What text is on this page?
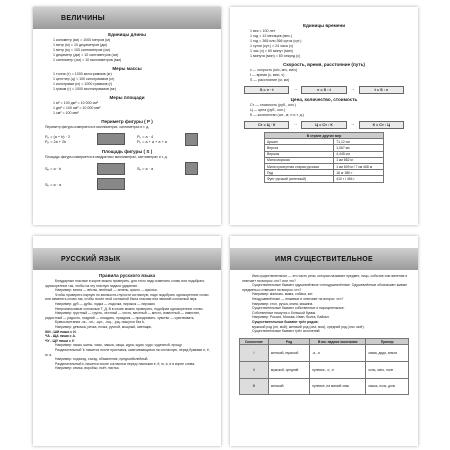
ВЕЛИЧИНЫ
Единицы длины
1 километр (км) = 1000 метров (м)
1 метр (м) = 10 дециметров (дм)
1 метр (м) = 100 сантиметров (см)
1 дециметр (дм) = 10 сантиметров (см)
1 сантиметр (см) = 10 миллиметров (мм)
Меры массы
1 тонна (т) = 1000 килограммов (кг)
1 центнер (ц) = 100 килограммов (кг)
1 килограмм (кг) = 1000 граммов (г)
1 грамм (г) = 1000 миллиграммов (мг)
Меры площади
1 м² = 100 дм² = 10 000 см²
1 дм² = 100 см² = 10 000 мм²
1 см² = 100 мм²
Периметр фигуры ( P )
Периметр фигуры измеряется в миллиметрах, сантиметрах и т. д.
Pₚ = (a + b) · 2
Pₚ = 2a + 2b
Pₖ = a · 4
Pₖ = a + a + a + a
Площадь фигуры ( S )
Площадь фигуры измеряется в квадратных миллиметрах, сантиметрах и т. д.
Sₚ = a · b	Sₖ = a · a
Sₖ = a · a
Единицы времени
1 век = 100 лет
1 год = 12 месяцев (мес.)
1 год = 365 или 366 суток (сут.)
1 сутки (сут.) = 24 часа (ч)
1 час (ч) = 60 минут (мин)
1 минута (мин) = 60 секунд (с)
Скорость, время, расстояние (путь)
v — скорость (м/с, м/ч, км/ч)
t — время (с, мин, ч)
S — расстояние (м, км)
S = v · t	→	v = S : t	→	t = S : v
Цена, количество, стоимость
Ст — стоимость (руб., коп.)
Ц — цена (руб., коп.)
К — количество (шт., кг, л и т. д.)
Ст = Ц · К	→	Ц = Ст : К	→	К = Ст : Ц
В стране других мер	
Аршин	71,12 см
Верста	1,067 км
Вершок	4,445 см
Миля морская	1 км 852 м
Миля сухопутная старая русская	1 км 609 м / 7 км 468 м
Пуд	16 кг 380 г
Фунт русский (аптечный)	410 г / 454 г
РУССКИЙ ЯЗЫК
Правила русского языка
Безударные гласные в корне можно проверить, для этого надо изменить слово или подобрать однокоренное так, чтобы на эту гласную падало ударение.
Например: весна — вёсны, зелёный — зелень, крыло — кры́лья.
Чтобы проверить парную по звонкости-глухости согласную, надо подобрать однокоренное слово или изменить слово так, чтобы после этой согласной была гласная или звонкий согласный звук.
Например: дуб — дубы, лодка — лодочка, пирожок — пирожки.
Непроизносимые согласные Т, Д, В в слове можно проверить, подобрав однокоренное слово.
Например: грустный — грусть, честный — честь, местный — место, известный — известие, радостный — радость, поздний — опоздать, праздник — праздновать, чувство — чувствовать.
Буквосочетания -чк-, -чн-, -щн-, -нщ-, -рщ- пишутся без Ь.
Например: девочка, речка, ночка, ручной, мощный, сменщик.
ЖИ - ШИ пиши с И.
ЧА - ЩА пиши с А.
ЧУ - ЩУ пиши с У.
Например: лыжи, шины, часы, чашка, чаща, щука, щуки, чудо, чудесный, прощу.
Разделительный Ъ пишется после приставок, оканчивающихся на согласную, перед буквами е, ё, ю, я.
Например: подъезд, съезд, объявление, предъюбилейный.
Разделительный Ь пишется после согласных перед гласными е, ё, ю, я, и в корне слова.
Например: семья, воробьи, пьёт, листья.
ИМЯ СУЩЕСТВИТЕЛЬНОЕ
Имя существительное — это часть речи, которая называет предмет, лицо, событие или явление и отвечает на вопрос: кто? или что?
Существительные бывают одушевлённые и неодушевлённые. Одушевлённые обозначают живые предметы и отвечают на вопрос: кто?
Например: мальчик, мама, собака, кот.
Неодушевлённые — неживые и отвечают на вопрос: что?
Например: стол, ручка, книга, машина.
Существительные бывают собственные и нарицательные.
Собственные пишутся с большой буквы.
Например: Россия, Москва, Иван, Волга, Байкал.
Существительные бывают трёх родов:
мужской род (он, мой), женский род (она, моя), средний род (оно, моё).
Существительные бывают трёх склонений:
Склонение	Род	В им. падеже окончание	Пример
I	женский, мужской	-а, -я	мама, дядя, земля
II	мужской, средний	нулевое, -о, -е	конь, окно, поле
III	женский	нулевое, на мягкий знак	мышь, ночь, дочь
